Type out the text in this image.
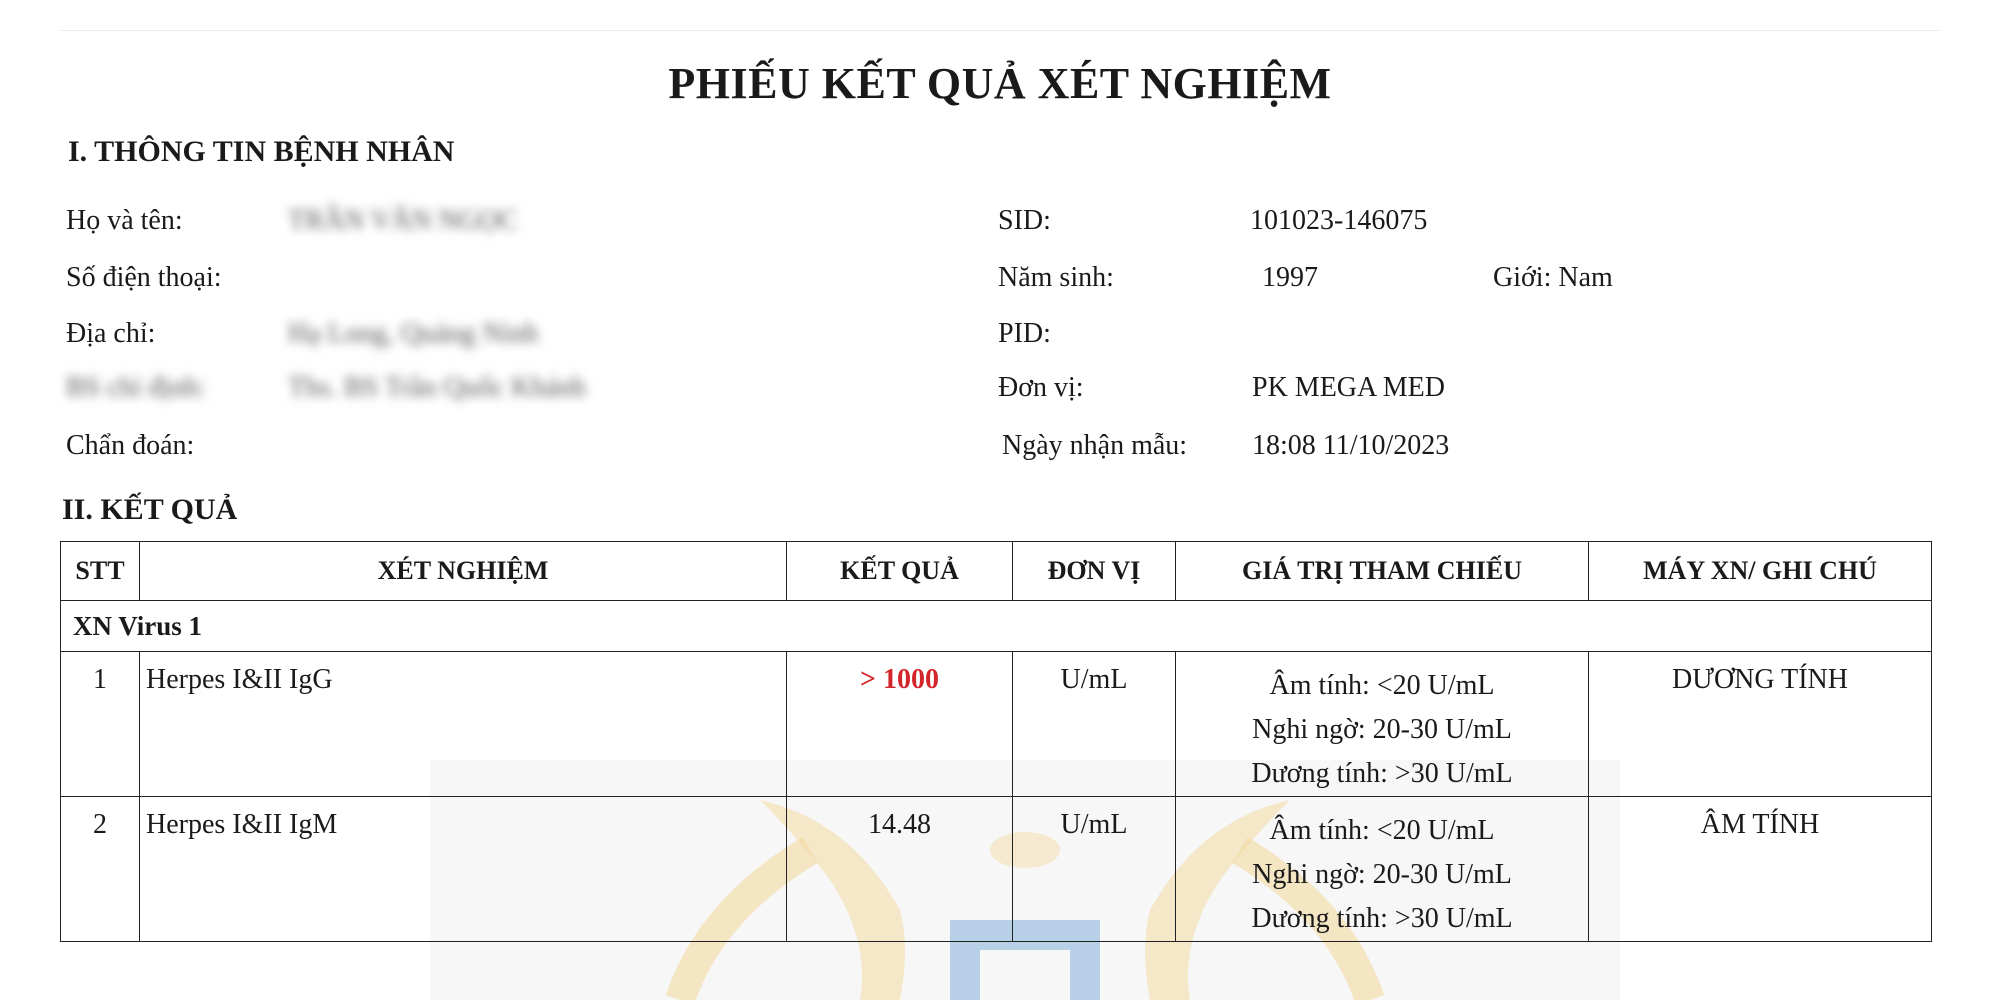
PHIẾU KẾT QUẢ XÉT NGHIỆM
I. THÔNG TIN BỆNH NHÂN
Họ và tên:	TRẦN VĂN NGỌC
Số điện thoại:
Địa chỉ:	Hạ Long, Quảng Ninh
BS chỉ định:	Ths. BS Trần Quốc Khánh
Chẩn đoán:
SID:	101023-146075
Năm sinh:	1997	Giới: Nam
PID:
Đơn vị:	PK MEGA MED
Ngày nhận mẫu: 18:08 11/10/2023
II. KẾT QUẢ
STT	XÉT NGHIỆM	KẾT QUẢ	ĐƠN VỊ	GIÁ TRỊ THAM CHIẾU	MÁY XN/ GHI CHÚ
XN Virus 1					
1	Herpes I&II IgG	> 1000	U/mL	Âm tính: <20 U/mL
Nghi ngờ: 20-30 U/mL
Dương tính: >30 U/mL	DƯƠNG TÍNH
2	Herpes I&II IgM	14.48	U/mL	Âm tính: <20 U/mL
Nghi ngờ: 20-30 U/mL
Dương tính: >30 U/mL	ÂM TÍNH
